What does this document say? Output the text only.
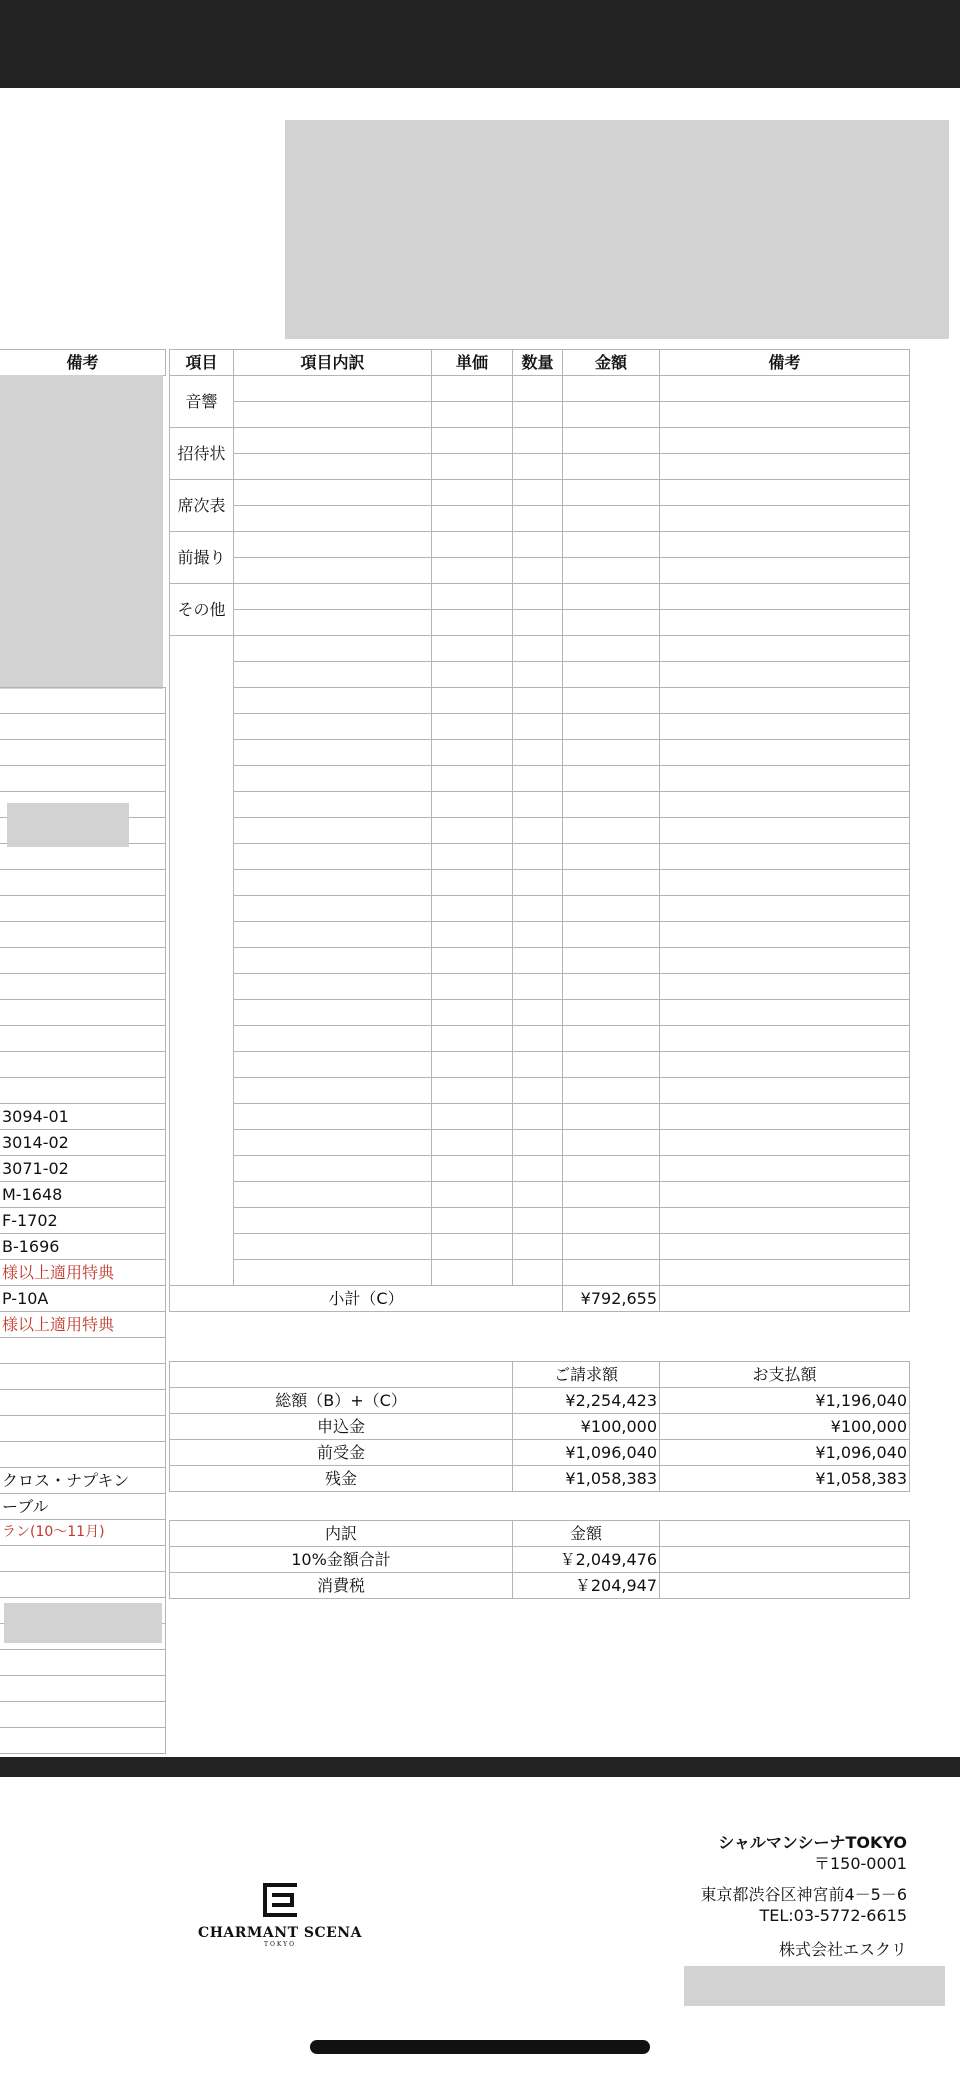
備考

3094-01
3014-02
3071-02
M-1648
F-1702
B-1696
様以上適用特典
P-10A
様以上適用特典

クロス・ナプキン
ーブル
ラン(10〜11月)

項目	項目内訳	単価	数量	金額	備考
音響					

招待状					

席次表					

前撮り					

その他					

小計（C）				¥792,655	
	ご請求額	お支払額
総額（B）+（C）	¥2,254,423	¥1,196,040
申込金	¥100,000	¥100,000
前受金	¥1,096,040	¥1,096,040
残金	¥1,058,383	¥1,058,383
内訳	金額	
10%金額合計	￥2,049,476	
消費税	￥204,947	
CHARMANT SCENA
TOKYO
シャルマンシーナTOKYO
〒150-0001
東京都渋谷区神宮前4－5－6
TEL:03-5772-6615
株式会社エスクリ
